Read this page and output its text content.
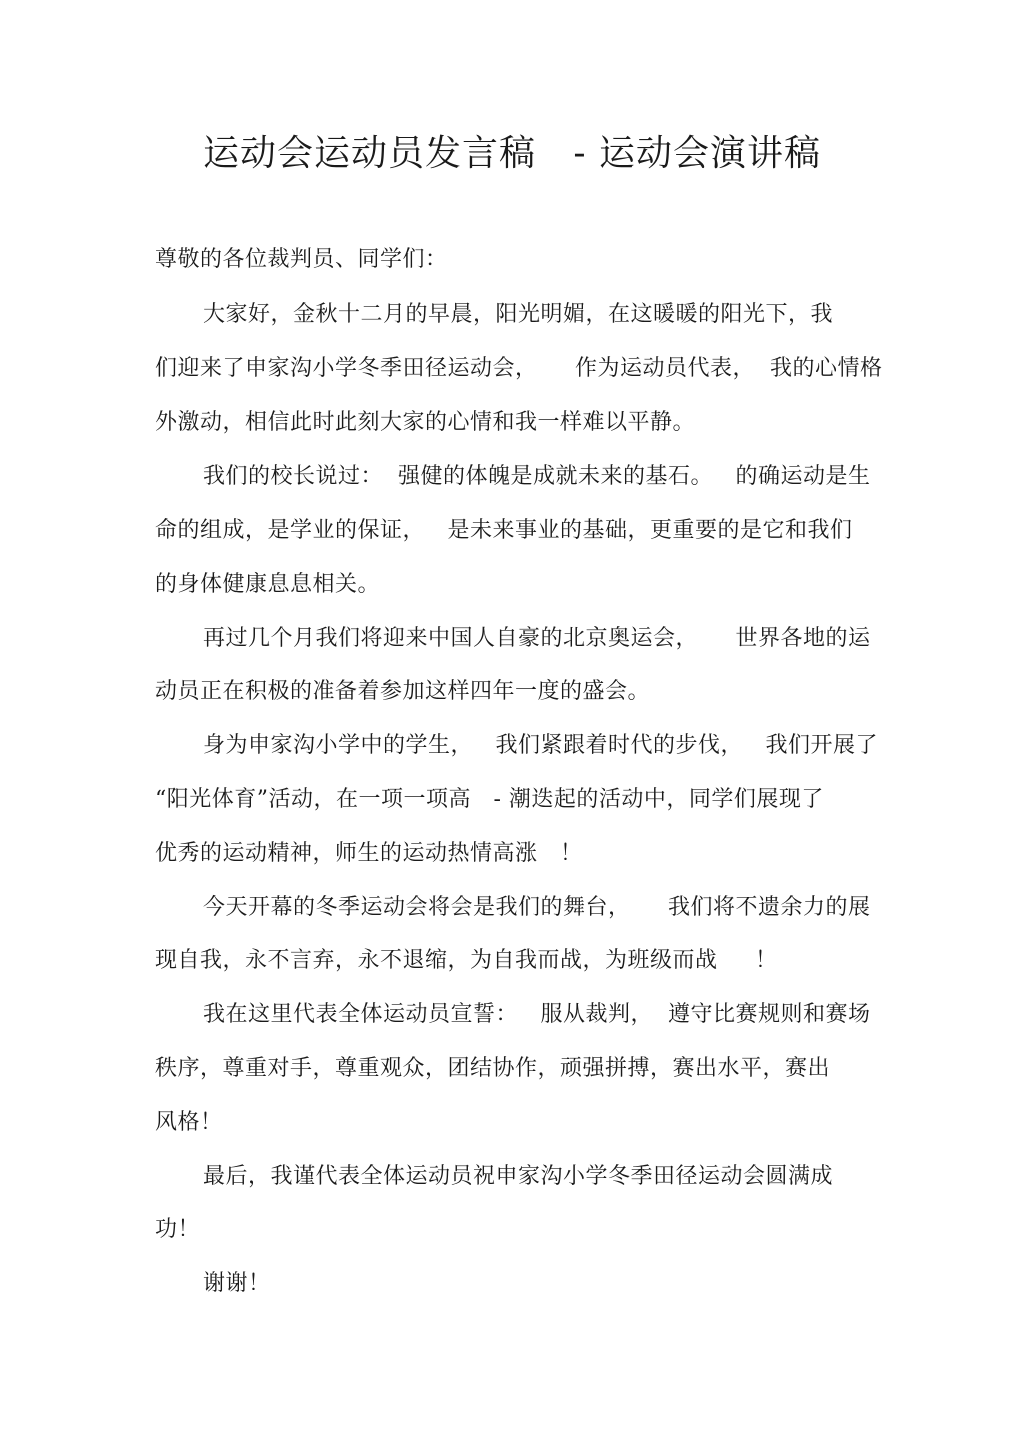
运动会运动员发言稿   - 运动会演讲稿

尊敬的各位裁判员、同学们：

大家好，金秋十二月的早晨，阳光明媚，在这暖暖的阳光下，我

们迎来了申家沟小学冬季田径运动会，     作为运动员代表，  我的心情格

外激动，相信此时此刻大家的心情和我一样难以平静。

我们的校长说过：  强健的体魄是成就未来的基石。   的确运动是生

命的组成，是学业的保证，   是未来事业的基础，更重要的是它和我们

的身体健康息息相关。

再过几个月我们将迎来中国人自豪的北京奥运会，     世界各地的运

动员正在积极的准备着参加这样四年一度的盛会。

身为申家沟小学中的学生，   我们紧跟着时代的步伐，   我们开展了

“阳光体育”活动，在一项一项高   - 潮迭起的活动中，同学们展现了

优秀的运动精神，师生的运动热情高涨   ！

今天开幕的冬季运动会将会是我们的舞台，     我们将不遗余力的展

现自我，永不言弃，永不退缩，为自我而战，为班级而战     ！

我在这里代表全体运动员宣誓：   服从裁判，  遵守比赛规则和赛场

秩序，尊重对手，尊重观众，团结协作，顽强拼搏，赛出水平，赛出

风格！

最后，我谨代表全体运动员祝申家沟小学冬季田径运动会圆满成

功！

谢谢！
